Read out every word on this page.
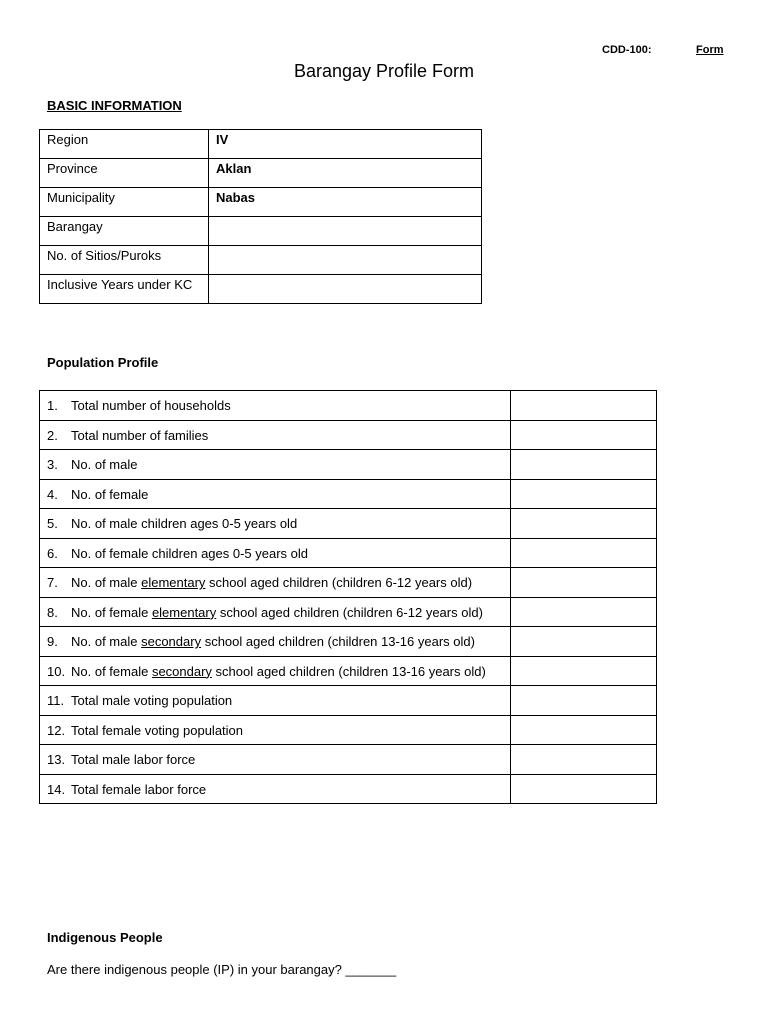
CDD-100:	Form
Barangay Profile Form
BASIC INFORMATION
Region	IV
Province	Aklan
Municipality	Nabas
Barangay	
No. of Sitios/Puroks	
Inclusive Years under KC	
Population Profile
1. Total number of households	
2. Total number of families	
3. No. of male	
4. No. of female	
5. No. of male children ages 0-5 years old	
6. No. of female children ages 0-5 years old	
7. No. of male elementary school aged children (children 6-12 years old)	
8. No. of female elementary school aged children (children 6-12 years old)	
9. No. of male secondary school aged children (children 13-16 years old)	
10. No. of female secondary school aged children (children 13-16 years old)	
11. Total male voting population	
12. Total female voting population	
13. Total male labor force	
14. Total female labor force	
Indigenous People
Are there indigenous people (IP) in your barangay? _______
